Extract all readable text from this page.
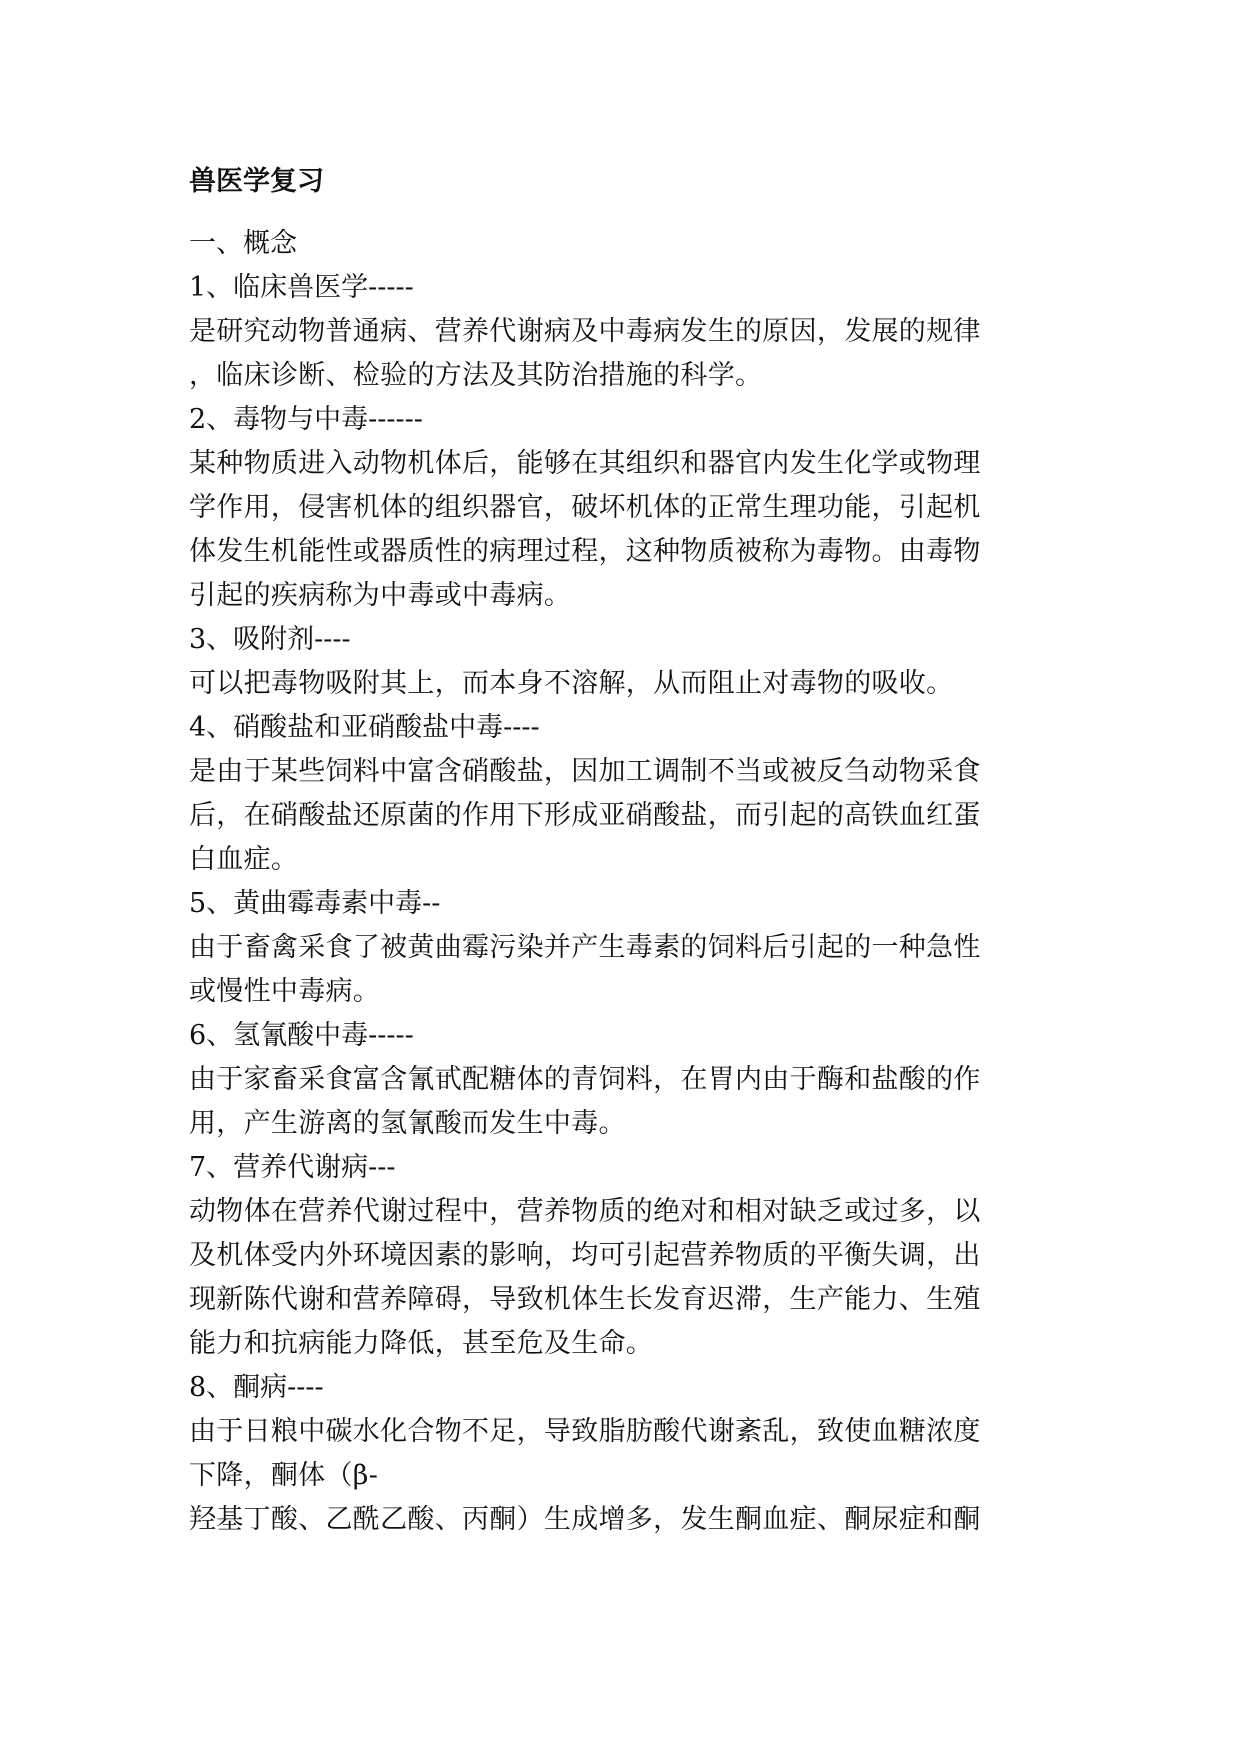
兽医学复习
一、概念
1、临床兽医学-----
是研究动物普通病、营养代谢病及中毒病发生的原因，发展的规律
，临床诊断、检验的方法及其防治措施的科学。
2、毒物与中毒------
某种物质进入动物机体后，能够在其组织和器官内发生化学或物理
学作用，侵害机体的组织器官，破坏机体的正常生理功能，引起机
体发生机能性或器质性的病理过程，这种物质被称为毒物。由毒物
引起的疾病称为中毒或中毒病。
3、吸附剂----
可以把毒物吸附其上，而本身不溶解，从而阻止对毒物的吸收。
4、硝酸盐和亚硝酸盐中毒----
是由于某些饲料中富含硝酸盐，因加工调制不当或被反刍动物采食
后，在硝酸盐还原菌的作用下形成亚硝酸盐，而引起的高铁血红蛋
白血症。
5、黄曲霉毒素中毒--
由于畜禽采食了被黄曲霉污染并产生毒素的饲料后引起的一种急性
或慢性中毒病。
6、氢氰酸中毒-----
由于家畜采食富含氰甙配糖体的青饲料，在胃内由于酶和盐酸的作
用，产生游离的氢氰酸而发生中毒。
7、营养代谢病---
动物体在营养代谢过程中，营养物质的绝对和相对缺乏或过多，以
及机体受内外环境因素的影响，均可引起营养物质的平衡失调，出
现新陈代谢和营养障碍，导致机体生长发育迟滞，生产能力、生殖
能力和抗病能力降低，甚至危及生命。
8、酮病----
由于日粮中碳水化合物不足，导致脂肪酸代谢紊乱，致使血糖浓度
下降，酮体（β-
羟基丁酸、乙酰乙酸、丙酮）生成增多，发生酮血症、酮尿症和酮
